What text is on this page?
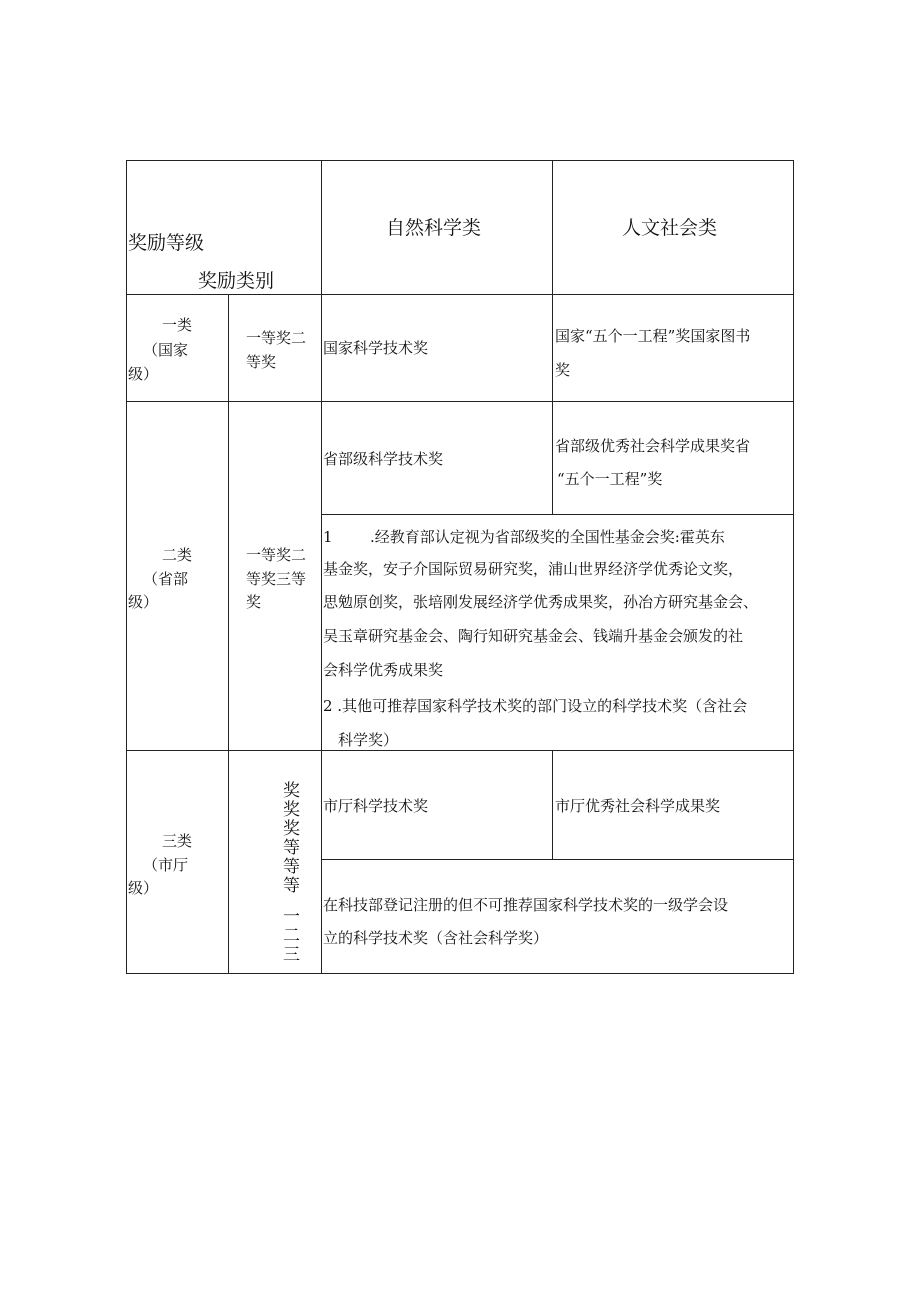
奖励等级
奖励类别
自然科学类	人文社会类
一类
（国家
级）
一等奖二
等奖
国家科学技术奖
国家“五个一工程”奖国家图书
奖
二类
（省部
级）
一等奖二
等奖三等
奖
省部级科学技术奖
省部级优秀社会科学成果奖省
“五个一工程”奖
1 .经教育部认定视为省部级奖的全国性基金会奖:霍英东
基金奖，安子介国际贸易研究奖，浦山世界经济学优秀论文奖，
思勉原创奖，张培刚发展经济学优秀成果奖，孙冶方研究基金会、
吴玉章研究基金会、陶行知研究基金会、钱端升基金会颁发的社
会科学优秀成果奖
2 .其他可推荐国家科学技术奖的部门设立的科学技术奖（含社会
科学奖）
三类
（市厅
级）
奖
等
一
奖
等
二
奖
等
三
市厅科学技术奖	市厅优秀社会科学成果奖
在科技部登记注册的但不可推荐国家科学技术奖的一级学会设
立的科学技术奖（含社会科学奖）
